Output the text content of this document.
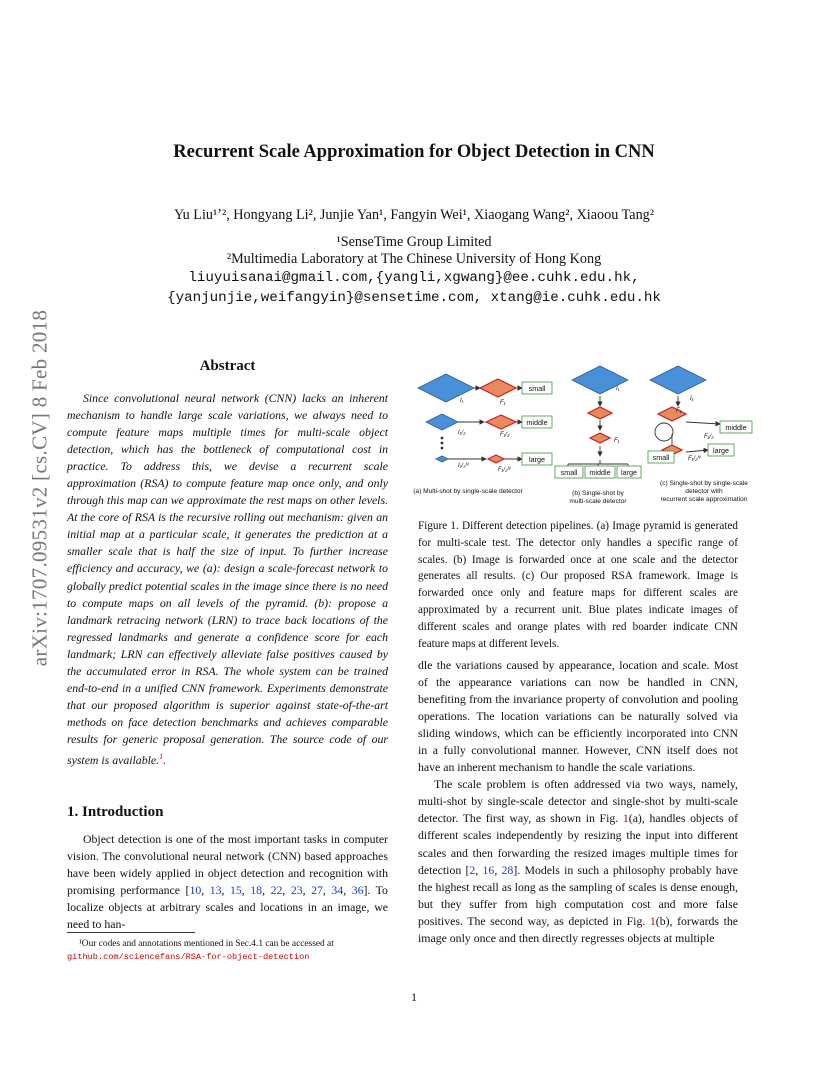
arXiv:1707.09531v2 [cs.CV] 8 Feb 2018
Recurrent Scale Approximation for Object Detection in CNN
Yu Liu¹ʼ², Hongyang Li², Junjie Yan¹, Fangyin Wei¹, Xiaogang Wang², Xiaoou Tang²
¹SenseTime Group Limited
²Multimedia Laboratory at The Chinese University of Hong Kong
liuyuisanai@gmail.com,{yangli,xgwang}@ee.cuhk.edu.hk,
{yanjunjie,weifangyin}@sensetime.com, xtang@ie.cuhk.edu.hk
Abstract

Since convolutional neural network (CNN) lacks an inherent mechanism to handle large scale variations, we always need to compute feature maps multiple times for multi-scale object detection, which has the bottleneck of computational cost in practice. To address this, we devise a recurrent scale approximation (RSA) to compute feature map once only, and only through this map can we approximate the rest maps on other levels. At the core of RSA is the recursive rolling out mechanism: given an initial map at a particular scale, it generates the prediction at a smaller scale that is half the size of input. To further increase efficiency and accuracy, we (a): design a scale-forecast network to globally predict potential scales in the image since there is no need to compute maps on all levels of the pyramid. (b): propose a landmark retracing network (LRN) to trace back locations of the regressed landmarks and generate a confidence score for each landmark; LRN can effectively alleviate false positives caused by the accumulated error in RSA. The whole system can be trained end-to-end in a unified CNN framework. Experiments demonstrate that our proposed algorithm is superior against state-of-the-art methods on face detection benchmarks and achieves comparable results for generic proposal generation. The source code of our system is available.$^1$.

1. Introduction

Object detection is one of the most important tasks in computer vision. The convolutional neural network (CNN) based approaches have been widely applied in object detection and recognition with promising performance [10, 13, 15, 18, 22, 23, 27, 34, 36]. To localize objects at arbitrary scales and locations in an image, we need to han-

¹Our codes and annotations mentioned in Sec.4.1 can be accessed at
github.com/sciencefans/RSA-for-object-detection
small
middle
large
small middle large
middle
large
small
I₁	F₁
I₁/₂	F₁/₂
I₁/₂ᴺ
F₁/₂ᴺ
I₁
F₁
I₁
F₁
F₁/₂
F₁/₂ᴺ
(a) Multi-shot by single-scale detector	(b) Single-shot by
multi-scale detector
(c) Single-shot by single-scale
detector with
recurrent scale approximation

Figure 1. Different detection pipelines. (a) Image pyramid is generated for multi-scale test. The detector only handles a specific range of scales. (b) Image is forwarded once at one scale and the detector generates all results. (c) Our proposed RSA framework. Image is forwarded once only and feature maps for different scales are approximated by a recurrent unit. Blue plates indicate images of different scales and orange plates with red boarder indicate CNN feature maps at different levels.

dle the variations caused by appearance, location and scale. Most of the appearance variations can now be handled in CNN, benefiting from the invariance property of convolution and pooling operations. The location variations can be naturally solved via sliding windows, which can be efficiently incorporated into CNN in a fully convolutional manner. However, CNN itself does not have an inherent mechanism to handle the scale variations.

The scale problem is often addressed via two ways, namely, multi-shot by single-scale detector and single-shot by multi-scale detector. The first way, as shown in Fig. 1(a), handles objects of different scales independently by resizing the input into different scales and then forwarding the resized images multiple times for detection [2, 16, 28]. Models in such a philosophy probably have the highest recall as long as the sampling of scales is dense enough, but they suffer from high computation cost and more false positives. The second way, as depicted in Fig. 1(b), forwards the image only once and then directly regresses objects at multiple

1
